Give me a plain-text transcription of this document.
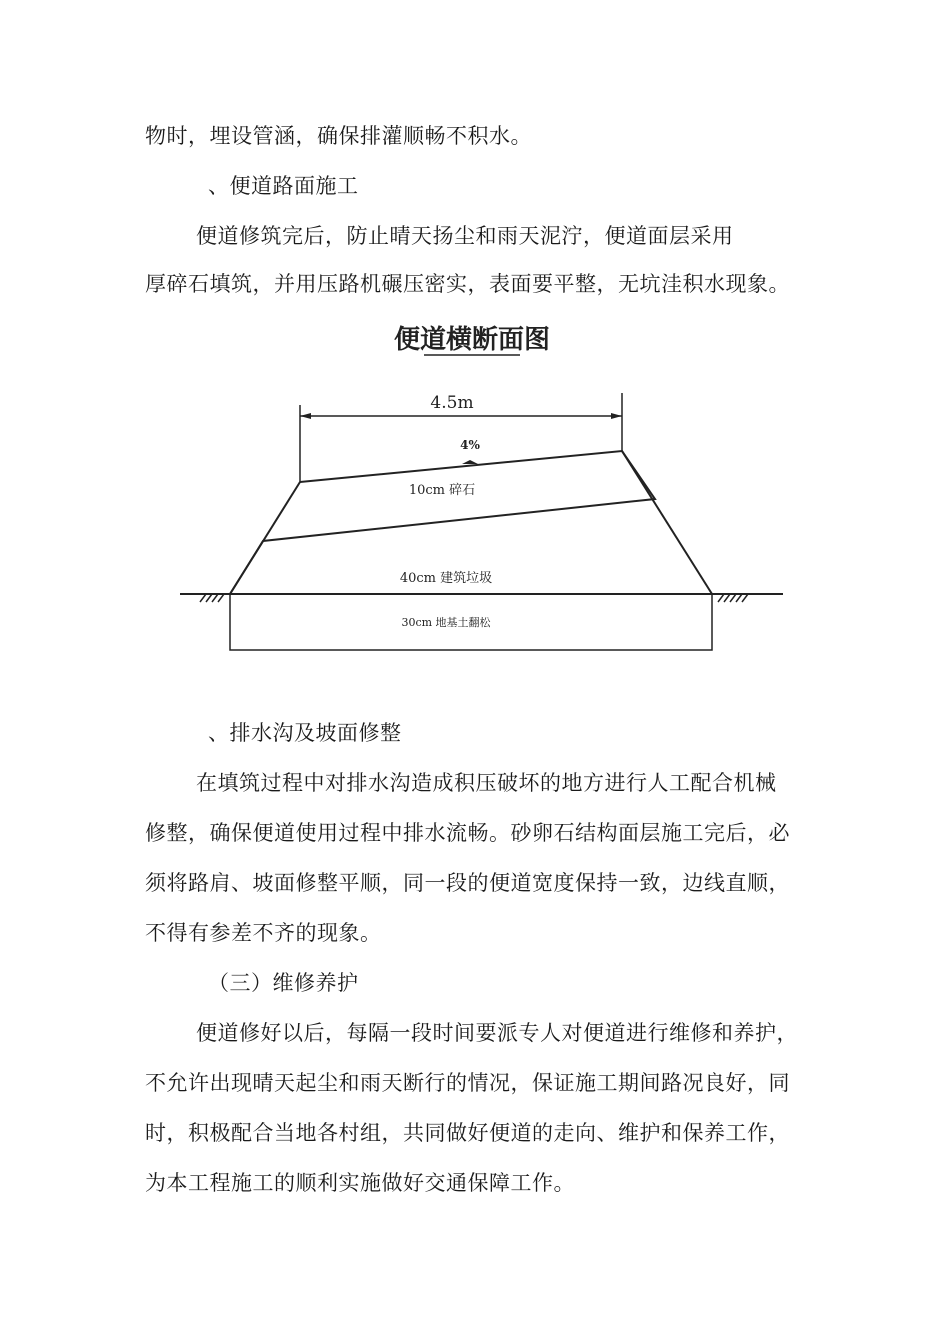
物时，埋设管涵，确保排灌顺畅不积水。
、便道路面施工
便道修筑完后，防止晴天扬尘和雨天泥泞，便道面层采用
厚碎石填筑，并用压路机碾压密实，表面要平整，无坑洼积水现象。
便道横断面图
4.5m
4%
10cm 碎石
40cm 建筑垃圾
30cm 地基土翻松
、排水沟及坡面修整
在填筑过程中对排水沟造成积压破坏的地方进行人工配合机械
修整，确保便道使用过程中排水流畅。砂卵石结构面层施工完后，必
须将路肩、坡面修整平顺，同一段的便道宽度保持一致，边线直顺，
不得有参差不齐的现象。
（三）维修养护
便道修好以后，每隔一段时间要派专人对便道进行维修和养护，
不允许出现晴天起尘和雨天断行的情况，保证施工期间路况良好，同
时，积极配合当地各村组，共同做好便道的走向、维护和保养工作，
为本工程施工的顺利实施做好交通保障工作。
